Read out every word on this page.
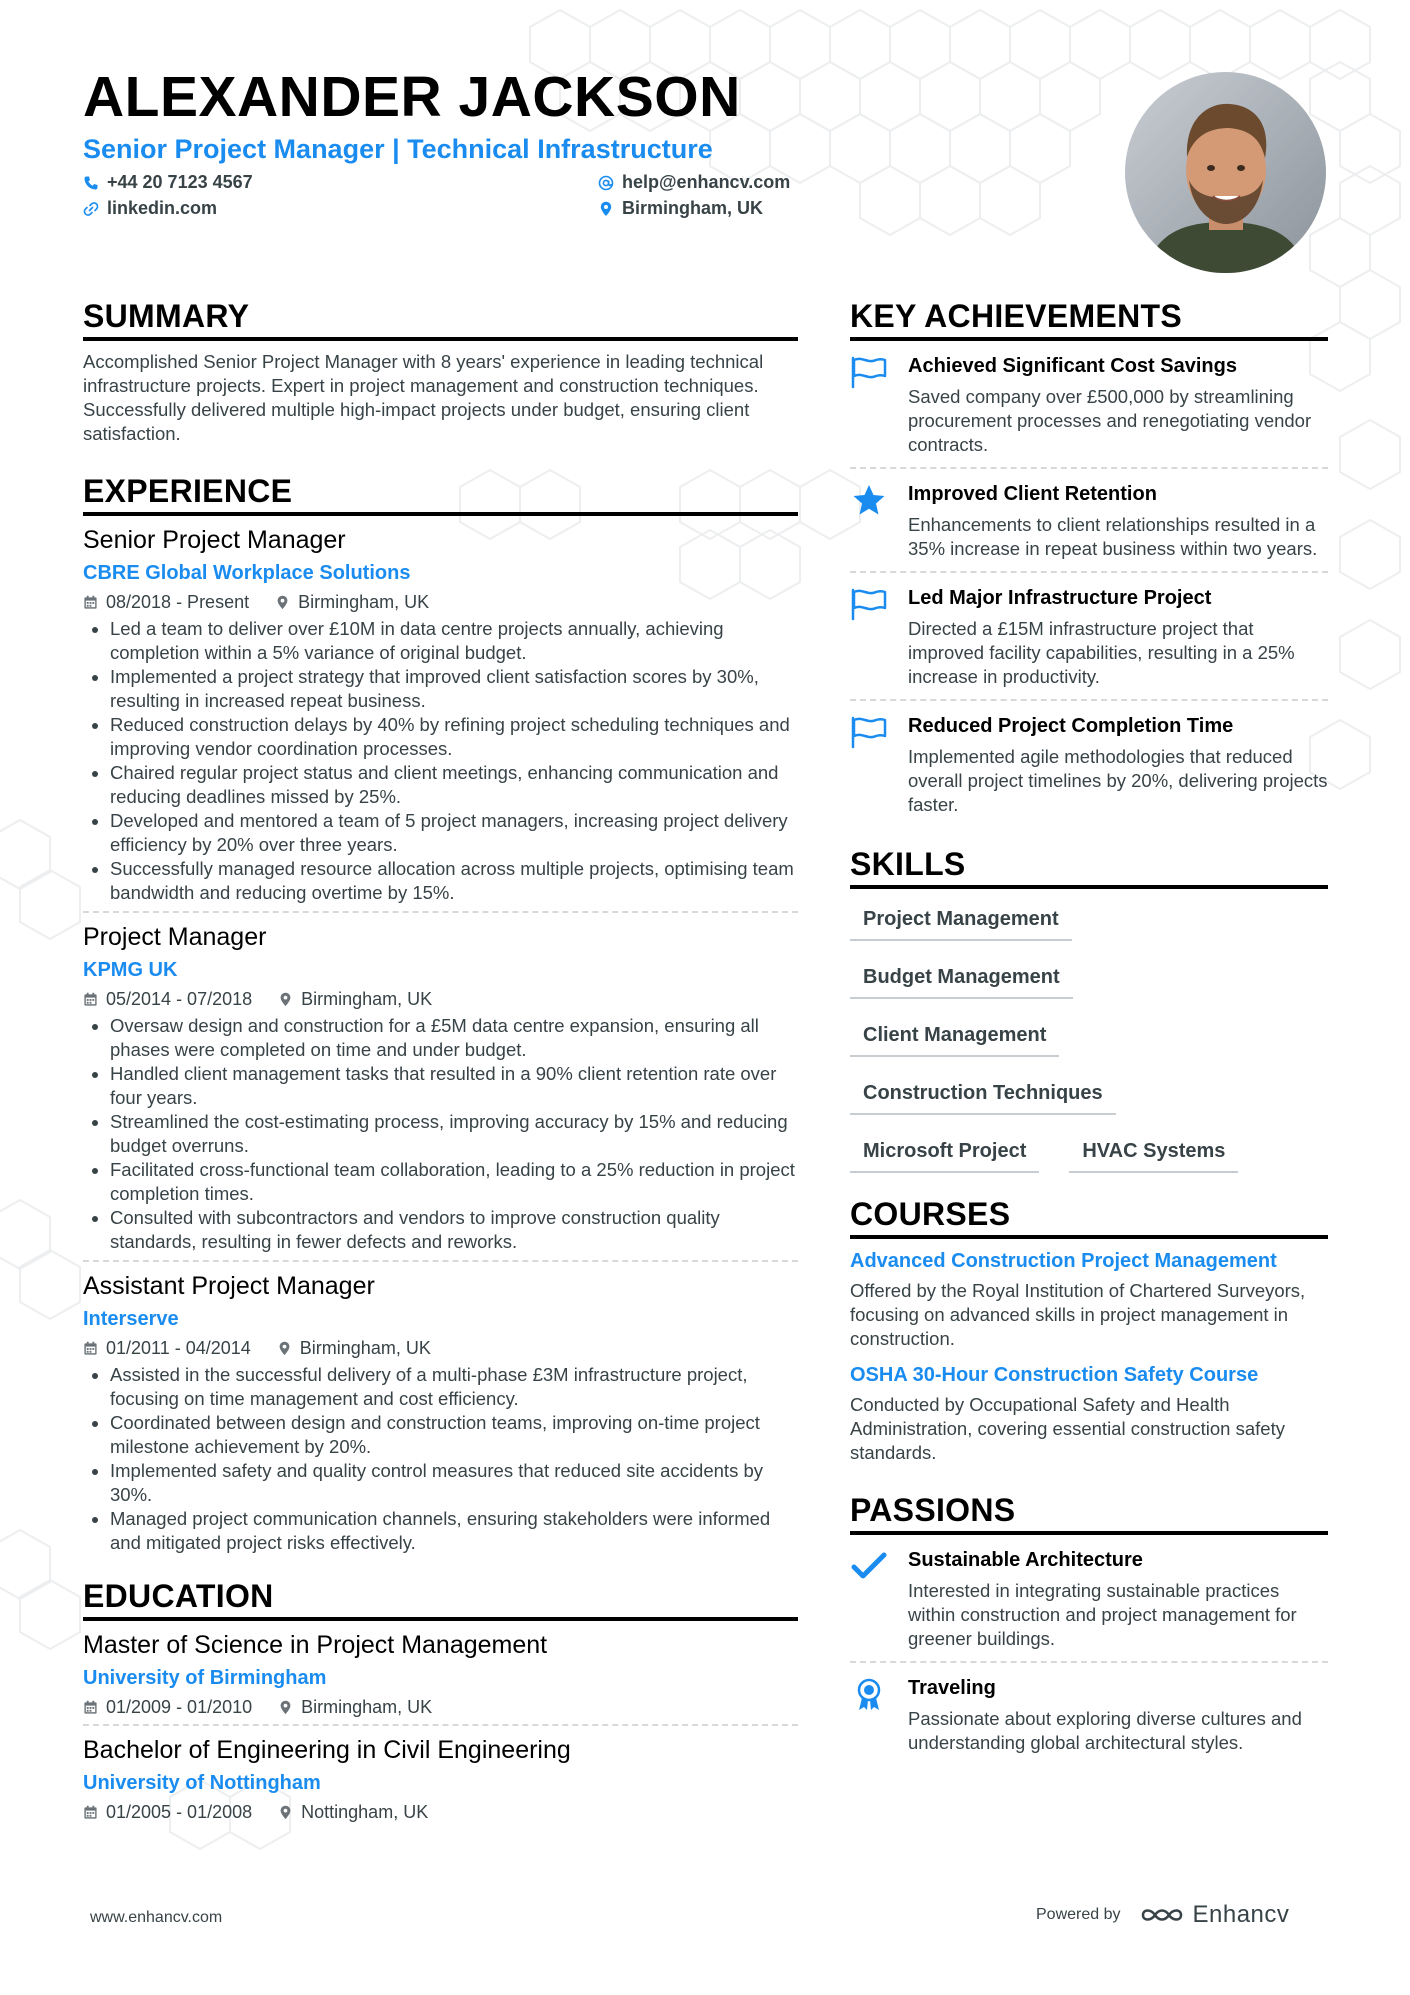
ALEXANDER JACKSON
Senior Project Manager | Technical Infrastructure
+44 20 7123 4567	help@enhancv.com
linkedin.com	Birmingham, UK
SUMMARY

Accomplished Senior Project Manager with 8 years' experience in leading technical infrastructure projects. Expert in project management and construction techniques. Successfully delivered multiple high-impact projects under budget, ensuring client satisfaction.

EXPERIENCE
Senior Project Manager
CBRE Global Workplace Solutions
08/2018 - Present	Birmingham, UK
• Led a team to deliver over £10M in data centre projects annually, achieving completion within a 5% variance of original budget.
• Implemented a project strategy that improved client satisfaction scores by 30%, resulting in increased repeat business.
• Reduced construction delays by 40% by refining project scheduling techniques and improving vendor coordination processes.
• Chaired regular project status and client meetings, enhancing communication and reducing deadlines missed by 25%.
• Developed and mentored a team of 5 project managers, increasing project delivery efficiency by 20% over three years.
• Successfully managed resource allocation across multiple projects, optimising team bandwidth and reducing overtime by 15%.
Project Manager
KPMG UK
05/2014 - 07/2018	Birmingham, UK
• Oversaw design and construction for a £5M data centre expansion, ensuring all phases were completed on time and under budget.
• Handled client management tasks that resulted in a 90% client retention rate over four years.
• Streamlined the cost-estimating process, improving accuracy by 15% and reducing budget overruns.
• Facilitated cross-functional team collaboration, leading to a 25% reduction in project completion times.
• Consulted with subcontractors and vendors to improve construction quality standards, resulting in fewer defects and reworks.
Assistant Project Manager
Interserve
01/2011 - 04/2014	Birmingham, UK
• Assisted in the successful delivery of a multi-phase £3M infrastructure project, focusing on time management and cost efficiency.
• Coordinated between design and construction teams, improving on-time project milestone achievement by 20%.
• Implemented safety and quality control measures that reduced site accidents by 30%.
• Managed project communication channels, ensuring stakeholders were informed and mitigated project risks effectively.
EDUCATION
Master of Science in Project Management
University of Birmingham
01/2009 - 01/2010	Birmingham, UK
Bachelor of Engineering in Civil Engineering
University of Nottingham
01/2005 - 01/2008	Nottingham, UK
KEY ACHIEVEMENTS
Achieved Significant Cost Savings
Saved company over £500,000 by streamlining procurement processes and renegotiating vendor contracts.
Improved Client Retention
Enhancements to client relationships resulted in a 35% increase in repeat business within two years.
Led Major Infrastructure Project
Directed a £15M infrastructure project that improved facility capabilities, resulting in a 25% increase in productivity.
Reduced Project Completion Time
Implemented agile methodologies that reduced overall project timelines by 20%, delivering projects faster.
SKILLS
Project Management
Budget Management
Client Management
Construction Techniques
Microsoft Project	HVAC Systems
COURSES
Advanced Construction Project Management
Offered by the Royal Institution of Chartered Surveyors, focusing on advanced skills in project management in construction.
OSHA 30-Hour Construction Safety Course
Conducted by Occupational Safety and Health Administration, covering essential construction safety standards.
PASSIONS
Sustainable Architecture
Interested in integrating sustainable practices within construction and project management for greener buildings.
Traveling
Passionate about exploring diverse cultures and understanding global architectural styles.
www.enhancv.com	Powered by	Enhancv
